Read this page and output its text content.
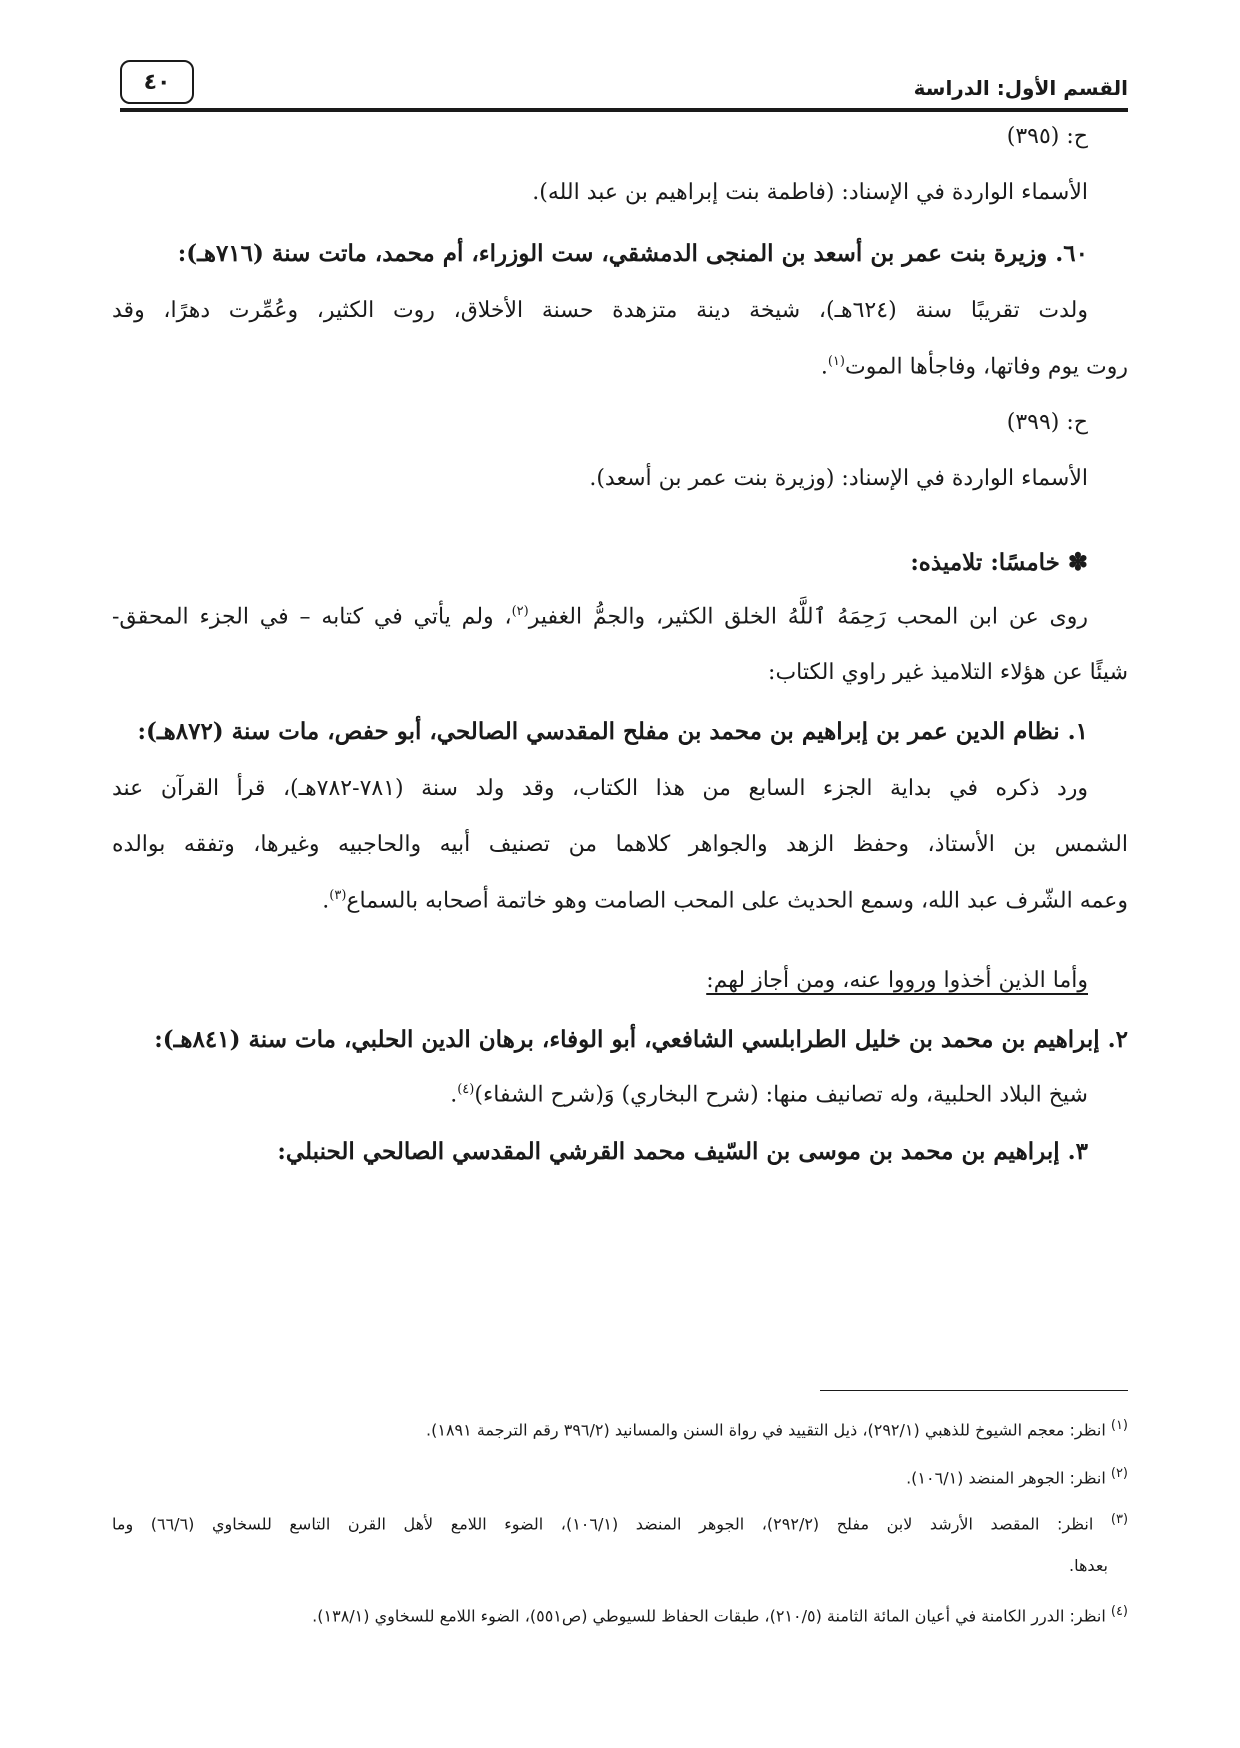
القسم الأول: الدراسة
٤٠
ح: (٣٩٥)
الأسماء الواردة في الإسناد: (فاطمة بنت إبراهيم بن عبد الله).
٦٠. وزيرة بنت عمر بن أسعد بن المنجى الدمشقي، ست الوزراء، أم محمد، ماتت سنة (٧١٦هـ):
ولدت تقريبًا سنة (٦٢٤هـ)، شيخة دينة متزهدة حسنة الأخلاق، روت الكثير، وعُمِّرت دهرًا، وقد
روت يوم وفاتها، وفاجأها الموت$^{(١)}$.
ح: (٣٩٩)
الأسماء الواردة في الإسناد: (وزيرة بنت عمر بن أسعد).
✽خامسًا: تلاميذه:
روى عن ابن المحب رَحِمَهُ ٱللَّهُ الخلق الكثير، والجمُّ الغفير$^{(٢)}$، ولم يأتي في كتابه – في الجزء المحقق-
شيئًا عن هؤلاء التلاميذ غير راوي الكتاب:
١. نظام الدين عمر بن إبراهيم بن محمد بن مفلح المقدسي الصالحي، أبو حفص، مات سنة (٨٧٢هـ):
ورد ذكره في بداية الجزء السابع من هذا الكتاب، وقد ولد سنة (٧٨١-٧٨٢هـ)، قرأ القرآن عند
الشمس بن الأستاذ، وحفظ الزهد والجواهر كلاهما من تصنيف أبيه والحاجبيه وغيرها، وتفقه بوالده
وعمه الشّرف عبد الله، وسمع الحديث على المحب الصامت وهو خاتمة أصحابه بالسماع$^{(٣)}$.
وأما الذين أخذوا ورووا عنه، ومن أجاز لهم:
٢. إبراهيم بن محمد بن خليل الطرابلسي الشافعي، أبو الوفاء، برهان الدين الحلبي، مات سنة (٨٤١هـ):
شيخ البلاد الحلبية، وله تصانيف منها: (شرح البخاري) وَ(شرح الشفاء)$^{(٤)}$.
٣. إبراهيم بن محمد بن موسى بن السّيف محمد القرشي المقدسي الصالحي الحنبلي:
$^{(١)}$ انظر: معجم الشيوخ للذهبي (٢٩٢/١)، ذيل التقييد في رواة السنن والمسانيد (٣٩٦/٢ رقم الترجمة ١٨٩١).
$^{(٢)}$ انظر: الجوهر المنضد (١٠٦/١).
$^{(٣)}$ انظر: المقصد الأرشد لابن مفلح (٢٩٢/٢)، الجوهر المنضد (١٠٦/١)، الضوء اللامع لأهل القرن التاسع للسخاوي (٦٦/٦) وما
بعدها.
$^{(٤)}$ انظر: الدرر الكامنة في أعيان المائة الثامنة (٢١٠/٥)، طبقات الحفاظ للسيوطي (ص٥٥١)، الضوء اللامع للسخاوي (١٣٨/١).
